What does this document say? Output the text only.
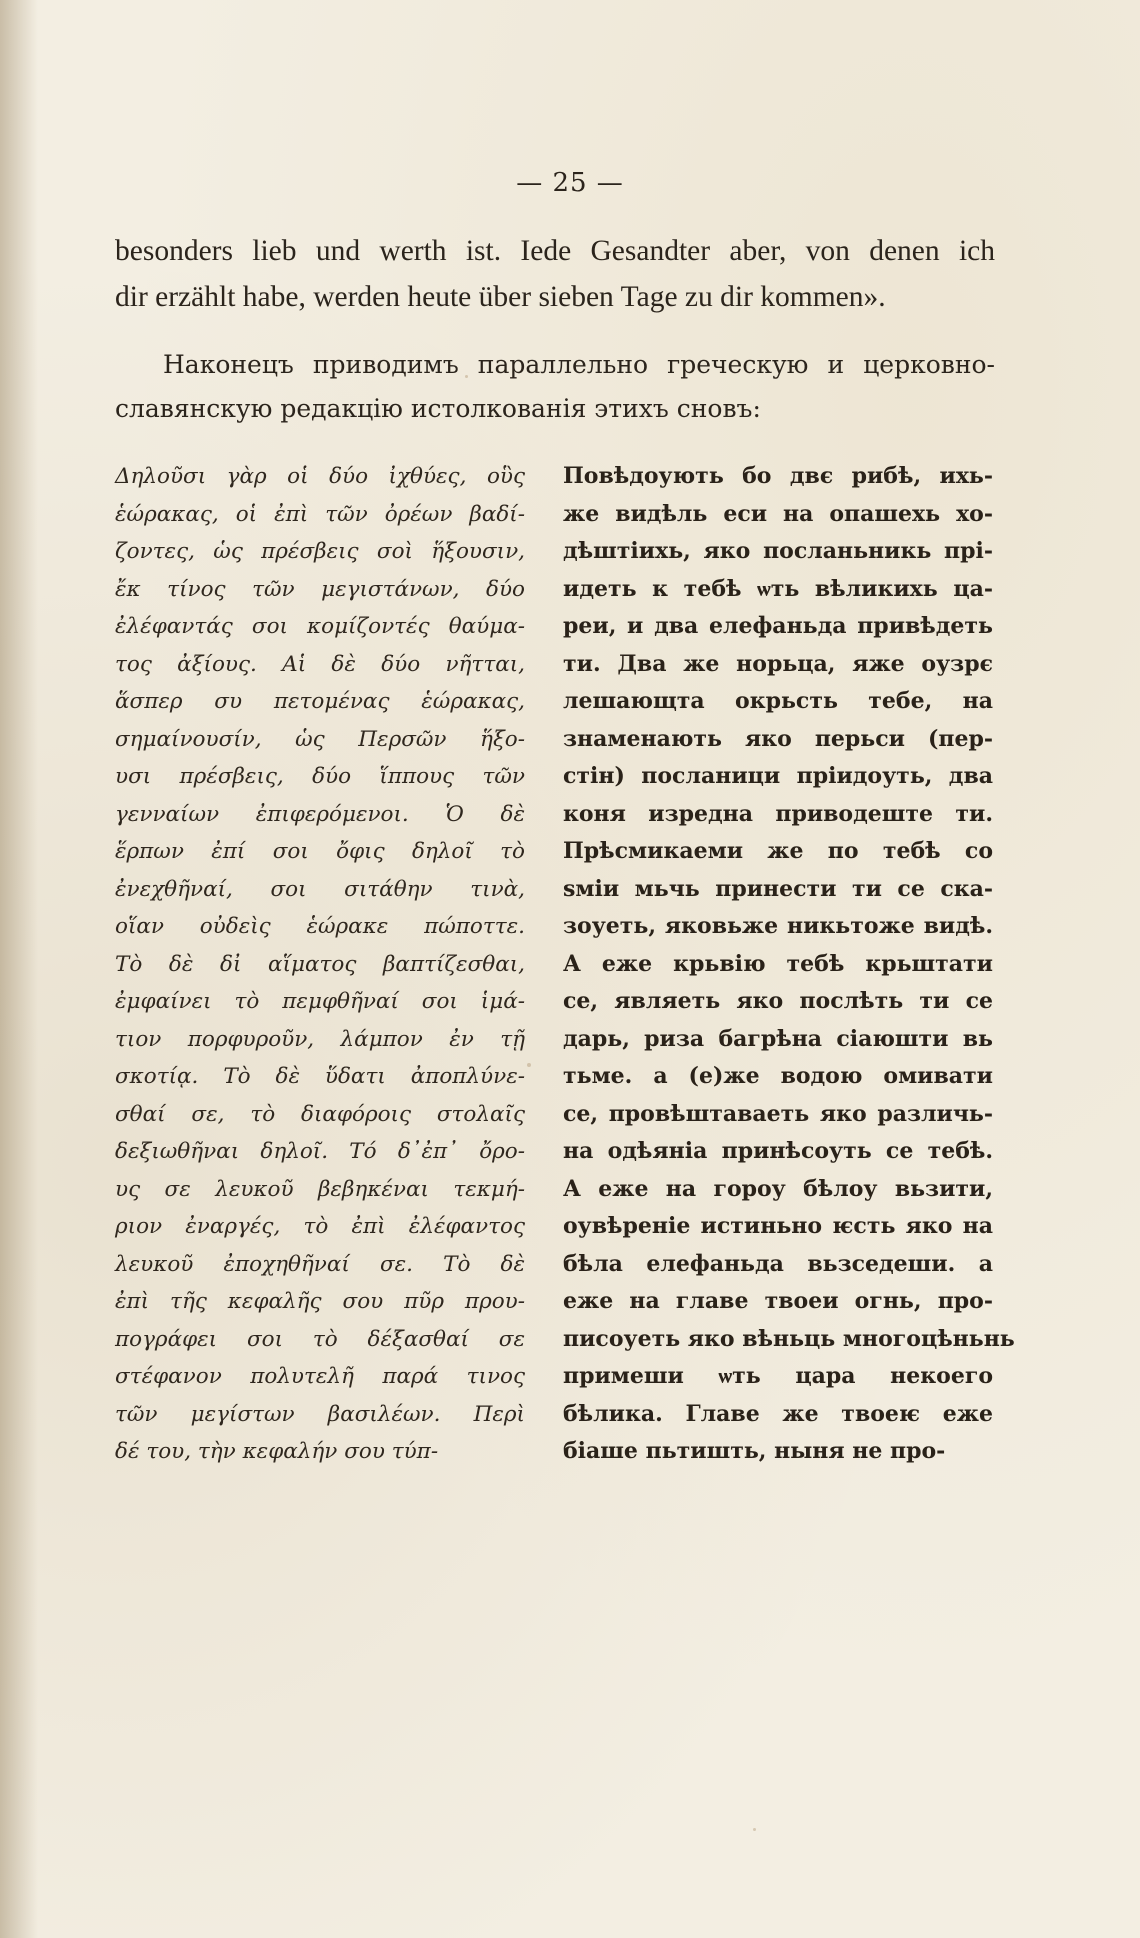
— 25 —
besonders lieb und werth ist. Iede Gesandter aber, von denen ich
dir erzählt habe, werden heute über sieben Tage zu dir kommen».
Наконецъ приводимъ параллельно греческую и церковно-
славянскую редакцію истолкованія этихъ сновъ:
Δηλοῦσι γὰρ οἱ δύο ἰχθύες, οὓς
ἑώρακας, οἱ ἐπὶ τῶν ὀρέων βαδί-
ζοντες, ὡς πρέσβεις σοὶ ἥξουσιν,
ἔκ τίνος τῶν μεγιστάνων, δύο
ἐλέφαντάς σοι κομίζοντές θαύμα-
τος ἀξίους. Αἱ δὲ δύο νῆτται,
ἅσπερ συ πετομένας ἑώρακας,
σημαίνουσίν, ὡς Περσῶν ἥξο-
υσι πρέσβεις, δύο ἵππους τῶν
γενναίων ἐπιφερόμενοι. Ὁ δὲ
ἕρπων ἐπί σοι ὄφις δηλοῖ τὸ
ἐνεχθῆναί, σοι σιτάθην τινὰ,
οἵαν οὐδεὶς ἑώρακε πώποττε.
Τὸ δὲ δἰ αἵματος βαπτίζεσθαι,
ἐμφαίνει τὸ πεμφθῆναί σοι ἱμά-
τιον πορφυροῦν, λάμπον ἐν τῇ
σκοτίᾳ. Τὸ δὲ ὕδατι ἀποπλύνε-
σθαί σε, τὸ διαφόροις στολαῖς
δεξιωθῆναι δηλοῖ. Τό δ᾽ἐπ᾽ ὄρο-
υς σε λευκοῦ βεβηκέναι τεκμή-
ριον ἐναργές, τὸ ἐπὶ ἐλέφαντος
λευκοῦ ἐποχηθῆναί σε. Τὸ δὲ
ἐπὶ τῆς κεφαλῆς σου πῦρ πρου-
πογράφει σοι τὸ δέξασθαί σε
στέφανον πολυτελῆ παρά τινος
τῶν μεγίστων βασιλέων. Περὶ
δέ του, τὴν κεφαλήν σου τύπ-
Повѣдоують бо двє рибѣ, ихь-
же видѣль еси на опашехь хо-
дѣштіихь, яко посланьникь прі-
идеть к тебѣ ѡть вѣликихь ца-
реи, и два елефаньда привѣдеть
ти. Два же норьца, яже оузрє
лешающта окрьсть тебе, на
знаменають яко перьси (пер-
стін) посланици пріидоуть, два
коня изредна приводеште ти.
Прѣсмикаеми же по тебѣ со
ѕміи мьчь принести ти се ска-
зоуеть, яковьже никьтоже видѣ.
А еже крьвію тебѣ крьштати
се, являеть яко послѣть ти се
дарь, риза багрѣна сіаюшти вь
тьме. а (е)же водою омивати
се, провѣштаваеть яко различь-
на одѣяніа принѣсоуть се тебѣ.
А еже на гороу бѣлоу вьзити,
оувѣреніе истиньно ѥсть яко на
бѣла елефаньда вьзседеши. а
еже на главе твоеи огнь, про-
писоуеть яко вѣньць многоцѣньнь
примеши ѡть цара некоего
бѣлика. Главе же твоеѥ еже
біаше пьтишть, ныня не про-
